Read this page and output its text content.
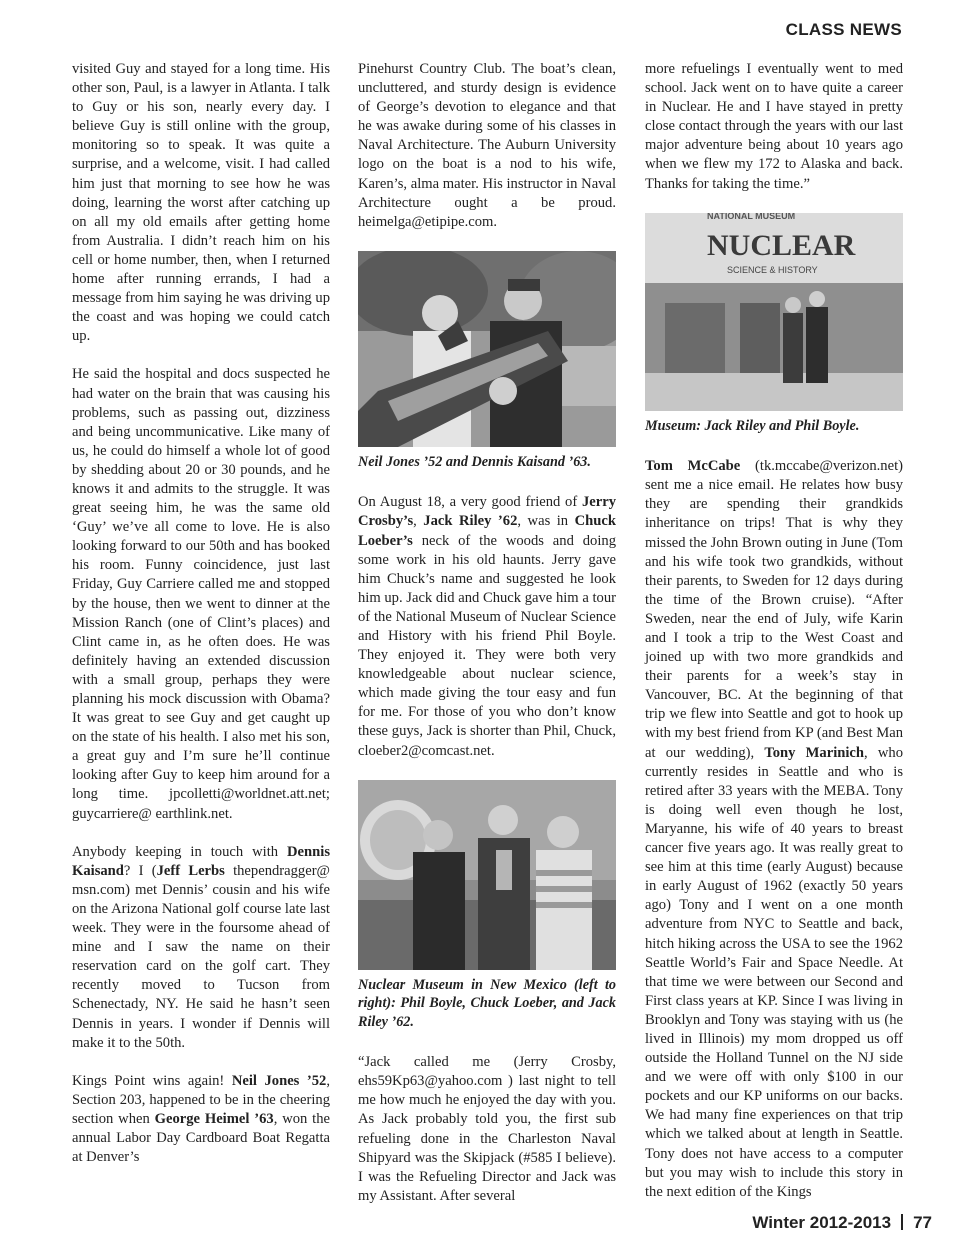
CLASS NEWS

visited Guy and stayed for a long time. His other son, Paul, is a lawyer in Atlanta. I talk to Guy or his son, nearly every day. I believe Guy is still online with the group, monitoring so to speak. It was quite a surprise, and a welcome, visit. I had called him just that morning to see how he was doing, learning the worst after catching up on all my old emails after getting home from Australia. I didn’t reach him on his cell or home number, then, when I returned home after running errands, I had a message from him saying he was driving up the coast and was hoping we could catch up.

He said the hospital and docs suspected he had water on the brain that was causing his problems, such as passing out, dizziness and being uncommunicative. Like many of us, he could do himself a whole lot of good by shedding about 20 or 30 pounds, and he knows it and admits to the struggle. It was great seeing him, he was the same old ‘Guy’ we’ve all come to love. He is also looking forward to our 50th and has booked his room. Funny coincidence, just last Friday, Guy Carriere called me and stopped by the house, then we went to dinner at the Mission Ranch (one of Clint’s places) and Clint came in, as he often does. He was definitely having an extended discussion with a small group, perhaps they were planning his mock discussion with Obama? It was great to see Guy and get caught up on the state of his health. I also met his son, a great guy and I’m sure he’ll continue looking after Guy to keep him around for a long time. jpcolletti@worldnet.att.net; guycarriere@ earthlink.net.

Anybody keeping in touch with Dennis Kaisand? I (Jeff Lerbs thependragger@ msn.com) met Dennis’ cousin and his wife on the Arizona National golf course late last week. They were in the foursome ahead of mine and I saw the name on their reservation card on the golf cart. They recently moved to Tucson from Schenectady, NY. He said he hasn’t seen Dennis in years. I wonder if Dennis will make it to the 50th.

Kings Point wins again! Neil Jones ’52, Section 203, happened to be in the cheering section when George Heimel ’63, won the annual Labor Day Cardboard Boat Regatta at Denver’s

Pinehurst Country Club. The boat’s clean, uncluttered, and sturdy design is evidence of George’s devotion to elegance and that he was awake during some of his classes in Naval Architecture. The Auburn University logo on the boat is a nod to his wife, Karen’s, alma mater. His instructor in Naval Architecture ought a be proud. heimelga@etipipe.com.

Neil Jones ’52 and Dennis Kaisand ’63.

On August 18, a very good friend of Jerry Crosby’s, Jack Riley ’62, was in Chuck Loeber’s neck of the woods and doing some work in his old haunts. Jerry gave him Chuck’s name and suggested he look him up. Jack did and Chuck gave him a tour of the National Museum of Nuclear Science and History with his friend Phil Boyle. They enjoyed it. They were both very knowledgeable about nuclear science, which made giving the tour easy and fun for me. For those of you who don’t know these guys, Jack is shorter than Phil, Chuck, cloeber2@comcast.net.

Nuclear Museum in New Mexico (left to right): Phil Boyle, Chuck Loeber, and Jack Riley ’62.

“Jack called me (Jerry Crosby, ehs59Kp63@yahoo.com ) last night to tell me how much he enjoyed the day with you. As Jack probably told you, the first sub refueling done in the Charleston Naval Shipyard was the Skipjack (#585 I believe). I was the Refueling Director and Jack was my Assistant. After several

more refuelings I eventually went to med school. Jack went on to have quite a career in Nuclear. He and I have stayed in pretty close contact through the years with our last major adventure being about 10 years ago when we flew my 172 to Alaska and back. Thanks for taking the time.”

NATIONAL MUSEUM
NUCLEAR
SCIENCE & HISTORY
Museum: Jack Riley and Phil Boyle.

Tom McCabe (tk.mccabe@verizon.net) sent me a nice email. He relates how busy they are spending their grandkids inheritance on trips! That is why they missed the John Brown outing in June (Tom and his wife took two grandkids, without their parents, to Sweden for 12 days during the time of the Brown cruise). “After Sweden, near the end of July, wife Karin and I took a trip to the West Coast and joined up with two more grandkids and their parents for a week’s stay in Vancouver, BC. At the beginning of that trip we flew into Seattle and got to hook up with my best friend from KP (and Best Man at our wedding), Tony Marinich, who currently resides in Seattle and who is retired after 33 years with the MEBA. Tony is doing well even though he lost, Maryanne, his wife of 40 years to breast cancer five years ago. It was really great to see him at this time (early August) because in early August of 1962 (exactly 50 years ago) Tony and I went on a one month adventure from NYC to Seattle and back, hitch hiking across the USA to see the 1962 Seattle World’s Fair and Space Needle. At that time we were between our Second and First class years at KP. Since I was living in Brooklyn and Tony was staying with us (he lived in Illinois) my mom dropped us off outside the Holland Tunnel on the NJ side and we were off with only $100 in our pockets and our KP uniforms on our backs. We had many fine experiences on that trip which we talked about at length in Seattle. Tony does not have access to a computer but you may wish to include this story in the next edition of the Kings

Winter 2012-2013 77
